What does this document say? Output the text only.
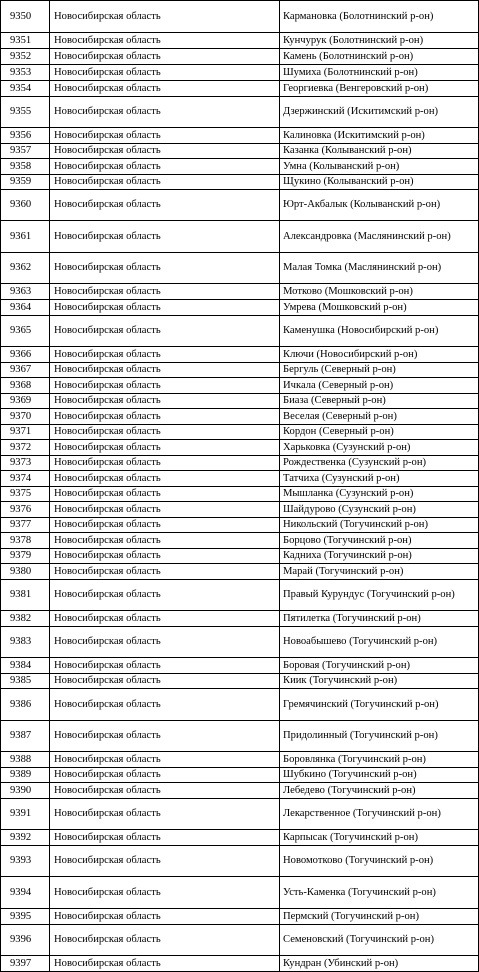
9350	Новосибирская область	Кармановка (Болотнинский р-он)
9351	Новосибирская область	Кунчурук (Болотнинский р-он)
9352	Новосибирская область	Камень (Болотнинский р-он)
9353	Новосибирская область	Шумиха (Болотнинский р-он)
9354	Новосибирская область	Георгиевка (Венгеровский р-он)
9355	Новосибирская область	Дзержинский (Искитимский р-он)
9356	Новосибирская область	Калиновка (Искитимский р-он)
9357	Новосибирская область	Казанка (Колыванский р-он)
9358	Новосибирская область	Умна (Колыванский р-он)
9359	Новосибирская область	Щукино (Колыванский р-он)
9360	Новосибирская область	Юрт-Акбалык (Колыванский р-он)
9361	Новосибирская область	Александровка (Маслянинский р-он)
9362	Новосибирская область	Малая Томка (Маслянинский р-он)
9363	Новосибирская область	Мотково (Мошковский р-он)
9364	Новосибирская область	Умрева (Мошковский р-он)
9365	Новосибирская область	Каменушка (Новосибирский р-он)
9366	Новосибирская область	Ключи (Новосибирский р-он)
9367	Новосибирская область	Бергуль (Северный р-он)
9368	Новосибирская область	Ичкала (Северный р-он)
9369	Новосибирская область	Биаза (Северный р-он)
9370	Новосибирская область	Веселая (Северный р-он)
9371	Новосибирская область	Кордон (Северный р-он)
9372	Новосибирская область	Харьковка (Сузунский р-он)
9373	Новосибирская область	Рождественка (Сузунский р-он)
9374	Новосибирская область	Татчиха (Сузунский р-он)
9375	Новосибирская область	Мышланка (Сузунский р-он)
9376	Новосибирская область	Шайдурово (Сузунский р-он)
9377	Новосибирская область	Никольский (Тогучинский р-он)
9378	Новосибирская область	Борцово (Тогучинский р-он)
9379	Новосибирская область	Кадниха (Тогучинский р-он)
9380	Новосибирская область	Марай (Тогучинский р-он)
9381	Новосибирская область	Правый Курундус (Тогучинский р-он)
9382	Новосибирская область	Пятилетка (Тогучинский р-он)
9383	Новосибирская область	Новоабышево (Тогучинский р-он)
9384	Новосибирская область	Боровая (Тогучинский р-он)
9385	Новосибирская область	Киик (Тогучинский р-он)
9386	Новосибирская область	Гремячинский (Тогучинский р-он)
9387	Новосибирская область	Придолинный (Тогучинский р-он)
9388	Новосибирская область	Боровлянка (Тогучинский р-он)
9389	Новосибирская область	Шубкино (Тогучинский р-он)
9390	Новосибирская область	Лебедево (Тогучинский р-он)
9391	Новосибирская область	Лекарственное (Тогучинский р-он)
9392	Новосибирская область	Карпысак (Тогучинский р-он)
9393	Новосибирская область	Новомотково (Тогучинский р-он)
9394	Новосибирская область	Усть-Каменка (Тогучинский р-он)
9395	Новосибирская область	Пермский (Тогучинский р-он)
9396	Новосибирская область	Семеновский (Тогучинский р-он)
9397	Новосибирская область	Кундран (Убинский р-он)
